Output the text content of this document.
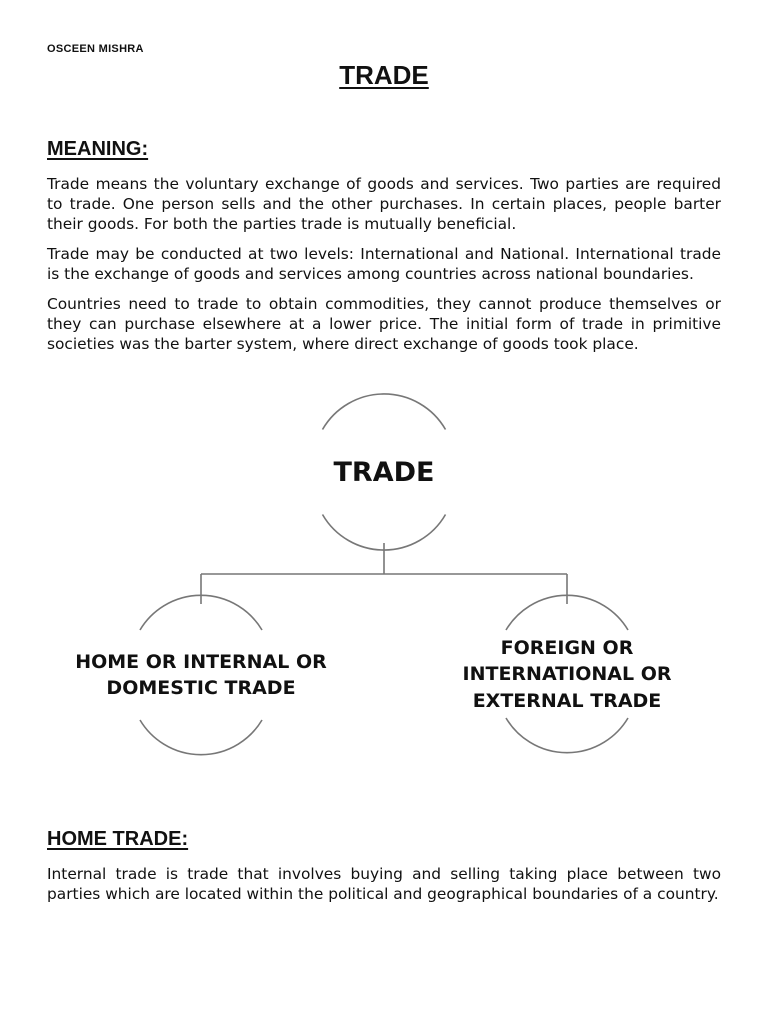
OSCEEN MISHRA
TRADE
MEANING:

Trade means the voluntary exchange of goods and services. Two parties are required to trade. One person sells and the other purchases. In certain places, people barter their goods. For both the parties trade is mutually beneficial.

Trade may be conducted at two levels: International and National. International trade is the exchange of goods and services among countries across national boundaries.

Countries need to trade to obtain commodities, they cannot produce themselves or they can purchase elsewhere at a lower price. The initial form of trade in primitive societies was the barter system, where direct exchange of goods took place.

TRADE
HOME OR INTERNAL OR
DOMESTIC TRADE
FOREIGN OR
INTERNATIONAL OR
EXTERNAL TRADE
HOME TRADE:

Internal trade is trade that involves buying and selling taking place between two parties which are located within the political and geographical boundaries of a country.
